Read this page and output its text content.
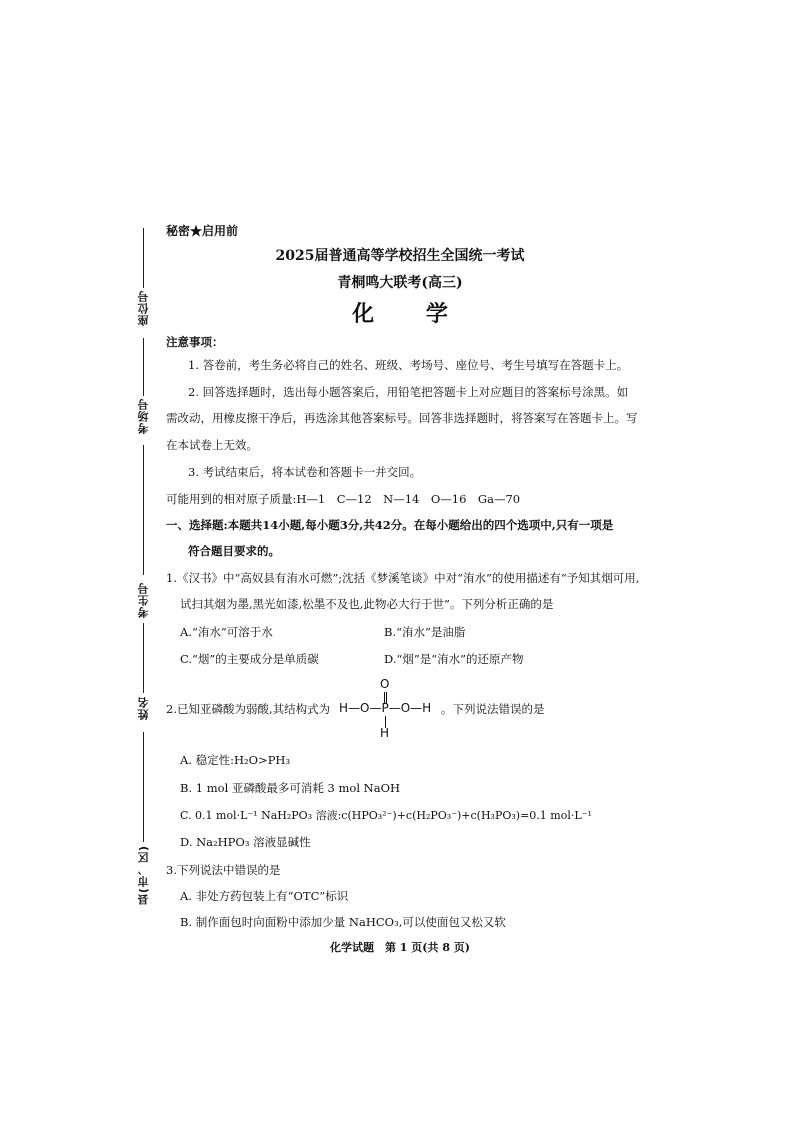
座位号
考场号
考生号
姓名
县(市、区)
秘密★启用前
2025届普通高等学校招生全国统一考试
青桐鸣大联考(高三)
化 学
注意事项：
1. 答卷前，考生务必将自己的姓名、班级、考场号、座位号、考生号填写在答题卡上。
2. 回答选择题时，选出每小题答案后，用铅笔把答题卡上对应题目的答案标号涂黑。如
需改动，用橡皮擦干净后，再选涂其他答案标号。回答非选择题时，将答案写在答题卡上。写
在本试卷上无效。
3. 考试结束后，将本试卷和答题卡一并交回。
可能用到的相对原子质量:H—1　C—12　N—14　O—16　Ga—70
一、选择题:本题共14小题,每小题3分,共42分。在每小题给出的四个选项中,只有一项是
符合题目要求的。
1.《汉书》中“高奴县有洧水可燃”;沈括《梦溪笔谈》中对“洧水”的使用描述有“予知其烟可用,
试扫其烟为墨,黑光如漆,松墨不及也,此物必大行于世”。下列分析正确的是
A.“洧水”可溶于水	B.“洧水”是油脂
C.“烟”的主要成分是单质碳	D.“烟”是“洧水”的还原产物
2.已知亚磷酸为弱酸,其结构式为
O
H—O—P—O—H
H
。下列说法错误的是
A. 稳定性:H₂O>PH₃
B. 1 mol 亚磷酸最多可消耗 3 mol NaOH
C. 0.1 mol·L⁻¹ NaH₂PO₃ 溶液:c(HPO₃²⁻)+c(H₂PO₃⁻)+c(H₃PO₃)=0.1 mol·L⁻¹
D. Na₂HPO₃ 溶液显碱性
3.下列说法中错误的是
A. 非处方药包装上有“OTC”标识
B. 制作面包时向面粉中添加少量 NaHCO₃,可以使面包又松又软
化学试题　第 1 页(共 8 页)
